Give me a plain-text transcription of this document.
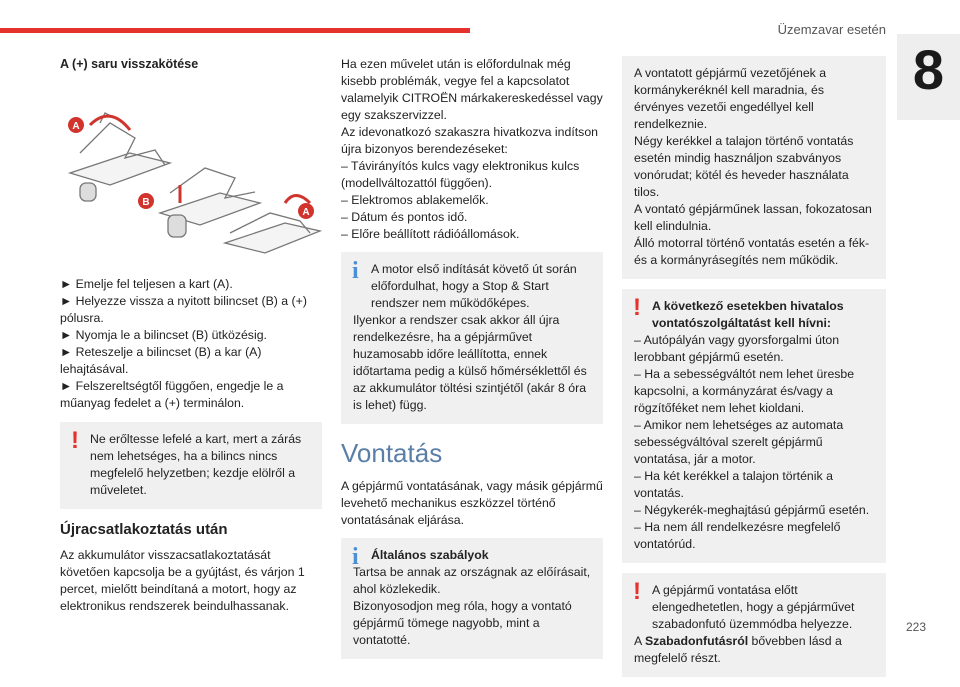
Üzemzavar esetén
8

A (+) saru visszakötése

A
B
A

► Emelje fel teljesen a kart (A).

► Helyezze vissza a nyitott bilincset (B) a (+) pólusra.

► Nyomja le a bilincset (B) ütközésig.

► Reteszelje a bilincset (B) a kar (A) lehajtásával.

► Felszereltségtől függően, engedje le a műanyag fedelet a (+) terminálon.

! Ne erőltesse lefelé a kart, mert a zárás nem lehetséges, ha a bilincs nincs megfelelő helyzetben; kezdje elölről a műveletet.

Újracsatlakoztatás után

Az akkumulátor visszacsatlakoztatását követően kapcsolja be a gyújtást, és várjon 1 percet, mielőtt beindítaná a motort, hogy az elektronikus rendszerek beindulhassanak.

Ha ezen művelet után is előfordulnak még kisebb problémák, vegye fel a kapcsolatot valamelyik CITROËN márkakereskedéssel vagy egy szakszervizzel.

Az idevonatkozó szakaszra hivatkozva indítson újra bizonyos berendezéseket:

– Távirányítós kulcs vagy elektronikus kulcs (modellváltozattól függően).

– Elektromos ablakemelők.

– Dátum és pontos idő.

– Előre beállított rádióállomások.

i	A motor első indítását követő út során előfordulhat, hogy a Stop & Start rendszer nem működőképes.

Ilyenkor a rendszer csak akkor áll újra rendelkezésre, ha a gépjárművet huzamosabb időre leállította, ennek időtartama pedig a külső hőmérséklettől és az akkumulátor töltési szintjétől (akár 8 óra is lehet) függ.

Vontatás

A gépjármű vontatásának, vagy másik gépjármű levehető mechanikus eszközzel történő vontatásának eljárása.

i	Általános szabályok

Tartsa be annak az országnak az előírásait, ahol közlekedik.

Bizonyosodjon meg róla, hogy a vontató gépjármű tömege nagyobb, mint a vontatotté.

A vontatott gépjármű vezetőjének a kormánykeréknél kell maradnia, és érvényes vezetői engedéllyel kell rendelkeznie.

Négy kerékkel a talajon történő vontatás esetén mindig használjon szabványos vonórudat; kötél és heveder használata tilos.

A vontató gépjárműnek lassan, fokozatosan kell elindulnia.

Álló motorral történő vontatás esetén a fék- és a kormányrásegítés nem működik.

! A következő esetekben hivatalos vontatószolgáltatást kell hívni:

– Autópályán vagy gyorsforgalmi úton lerobbant gépjármű esetén.

– Ha a sebességváltót nem lehet üresbe kapcsolni, a kormányzárat és/vagy a rögzítőféket nem lehet kioldani.

– Amikor nem lehetséges az automata sebességváltóval szerelt gépjármű vontatása, jár a motor.

– Ha két kerékkel a talajon történik a vontatás.

– Négykerék-meghajtású gépjármű esetén.

– Ha nem áll rendelkezésre megfelelő vontatórúd.

! A gépjármű vontatása előtt elengedhetetlen, hogy a gépjárművet szabadonfutó üzemmódba helyezze.

A Szabadonfutásról bővebben lásd a megfelelő részt.

223
